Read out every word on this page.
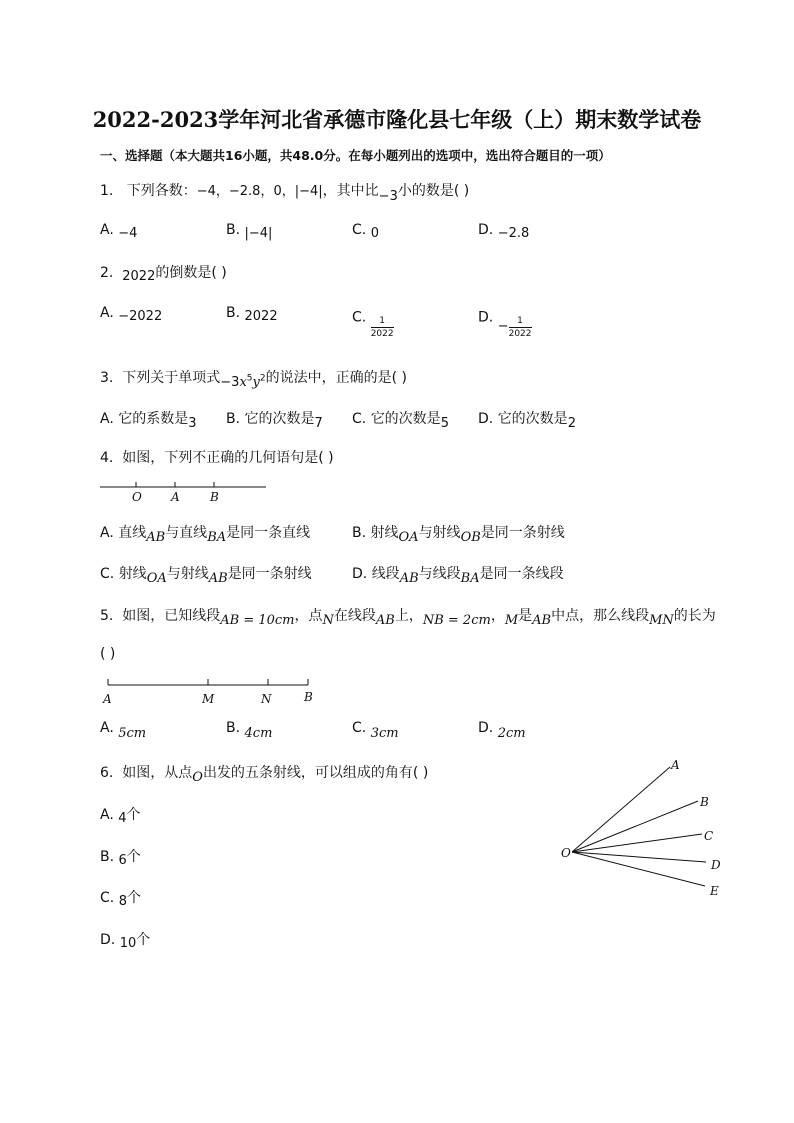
2022-2023学年河北省承德市隆化县七年级（上）期末数学试卷
一、选择题（本大题共16小题，共48.0分。在每小题列出的选项中，选出符合题目的一项）
1. 下列各数：−4，−2.8，0，|−4|，其中比−3小的数是( )
A. −4	B. |−4|	C. 0	D. −2.8
2. 2022的倒数是( )
A. −2022	B. 2022	C. $\frac{1}{2022}$	D. − $\frac{1}{2022}$
3. 下列关于单项式$-3x^5y^2$的说法中，正确的是( )
A. 它的系数是3 B. 它的次数是7 C. 它的次数是5 D. 它的次数是2
4. 如图，下列不正确的几何语句是( )
O A	B
A. 直线AB与直线BA是同一条直线	B. 射线OA与射线OB是同一条射线
C. 射线OA与射线AB是同一条射线	D. 线段AB与线段BA是同一条线段
5. 如图，已知线段AB = 10cm，点N在线段AB上，NB = 2cm，M是AB中点，那么线段MN的长为
( )
A	M	N	B
A. 5cm	B. 4cm	C. 3cm	D. 2cm
6. 如图，从点O出发的五条射线，可以组成的角有( )
A. 4个
B. 6个
C. 8个
D. 10个
O
A
B
C
D
E
